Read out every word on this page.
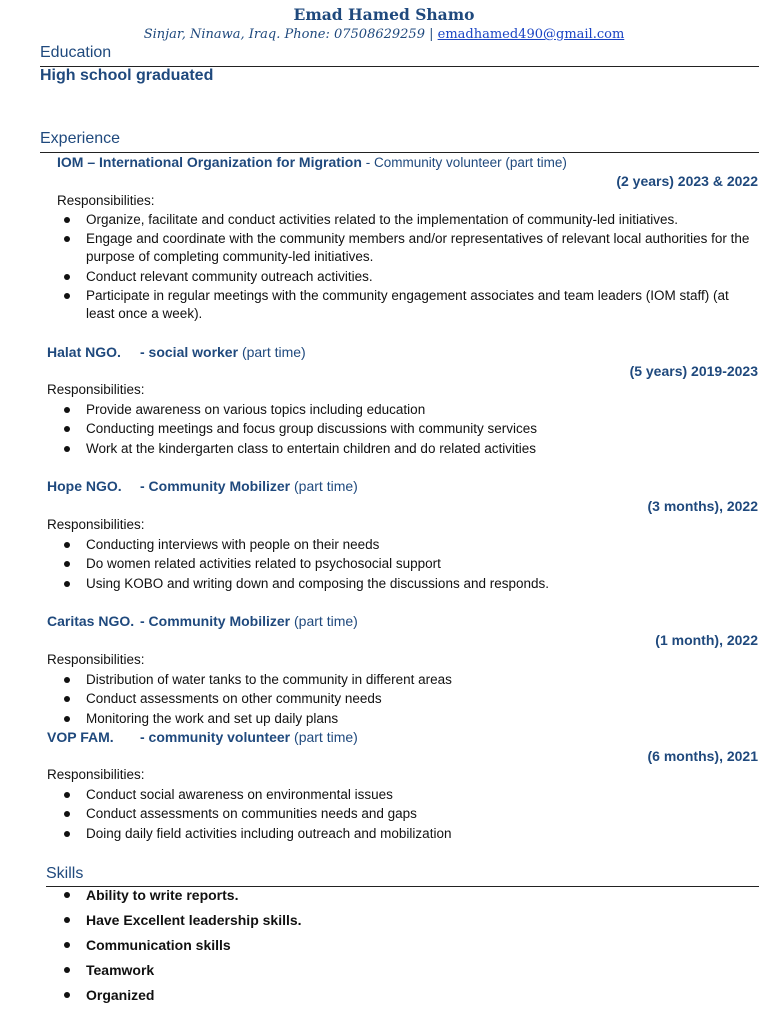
Emad Hamed Shamo
Sinjar, Ninawa, Iraq. Phone: 07508629259 | emadhamed490@gmail.com
Education
High school graduated
Experience
IOM – International Organization for Migration - Community volunteer (part time)
(2 years) 2023 & 2022
Responsibilities:
Organize, facilitate and conduct activities related to the implementation of community-led initiatives.
Engage and coordinate with the community members and/or representatives of relevant local authorities for the purpose of completing community-led initiatives.
Conduct relevant community outreach activities.
Participate in regular meetings with the community engagement associates and team leaders (IOM staff) (at least once a week).
Halat NGO. - social worker (part time)
(5 years) 2019-2023
Responsibilities:
Provide awareness on various topics including education
Conducting meetings and focus group discussions with community services
Work at the kindergarten class to entertain children and do related activities
Hope NGO. - Community Mobilizer (part time)
(3 months), 2022
Responsibilities:
Conducting interviews with people on their needs
Do women related activities related to psychosocial support
Using KOBO and writing down and composing the discussions and responds.
Caritas NGO. - Community Mobilizer (part time)
(1 month), 2022
Responsibilities:
Distribution of water tanks to the community in different areas
Conduct assessments on other community needs
Monitoring the work and set up daily plans
VOP FAM. - community volunteer (part time)
(6 months), 2021
Responsibilities:
Conduct social awareness on environmental issues
Conduct assessments on communities needs and gaps
Doing daily field activities including outreach and mobilization
Skills
Ability to write reports.
Have Excellent leadership skills.
Communication skills
Teamwork
Organized
